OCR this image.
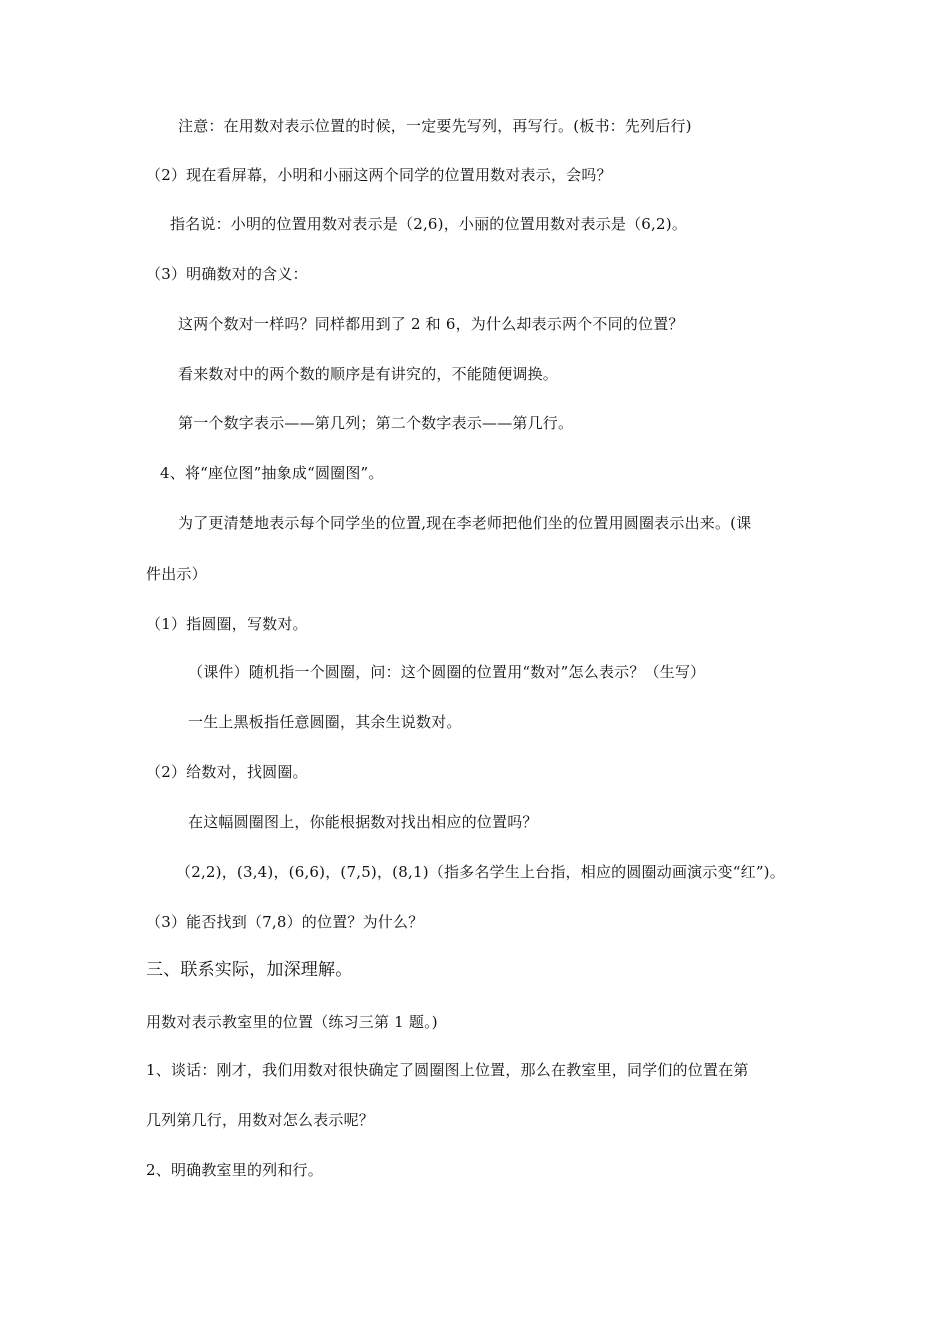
注意：在用数对表示位置的时候，一定要先写列，再写行。(板书：先列后行)
（2）现在看屏幕，小明和小丽这两个同学的位置用数对表示，会吗？
指名说：小明的位置用数对表示是（2,6)，小丽的位置用数对表示是（6,2)。
（3）明确数对的含义：
这两个数对一样吗？同样都用到了 2 和 6，为什么却表示两个不同的位置？
看来数对中的两个数的顺序是有讲究的，不能随便调换。
第一个数字表示——第几列；第二个数字表示——第几行。
4、将“座位图”抽象成“圆圈图”。
为了更清楚地表示每个同学坐的位置,现在李老师把他们坐的位置用圆圈表示出来。(课
件出示）
（1）指圆圈，写数对。
（课件）随机指一个圆圈，问：这个圆圈的位置用“数对”怎么表示？（生写）
一生上黑板指任意圆圈，其余生说数对。
（2）给数对，找圆圈。
在这幅圆圈图上，你能根据数对找出相应的位置吗？
（2,2)，(3,4)，(6,6)，(7,5)，(8,1)（指多名学生上台指，相应的圆圈动画演示变“红”)。
（3）能否找到（7,8）的位置？为什么？
三、联系实际，加深理解。
用数对表示教室里的位置（练习三第 1 题。)
1、谈话：刚才，我们用数对很快确定了圆圈图上位置，那么在教室里，同学们的位置在第
几列第几行，用数对怎么表示呢？
2、明确教室里的列和行。
